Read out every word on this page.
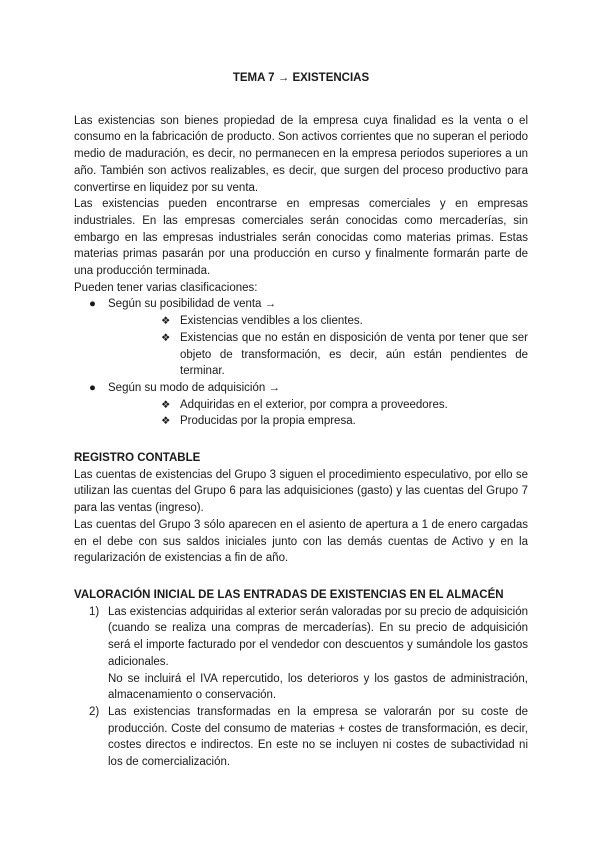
TEMA 7 → EXISTENCIAS

Las existencias son bienes propiedad de la empresa cuya finalidad es la venta o el consumo en la fabricación de producto. Son activos corrientes que no superan el periodo medio de maduración, es decir, no permanecen en la empresa periodos superiores a un año. También son activos realizables, es decir, que surgen del proceso productivo para convertirse en liquidez por su venta.

Las existencias pueden encontrarse en empresas comerciales y en empresas industriales. En las empresas comerciales serán conocidas como mercaderías, sin embargo en las empresas industriales serán conocidas como materias primas. Estas materias primas pasarán por una producción en curso y finalmente formarán parte de una producción terminada.

Pueden tener varias clasificaciones:

● Según su posibilidad de venta →
❖ Existencias vendibles a los clientes.
❖ Existencias que no están en disposición de venta por tener que ser objeto de transformación, es decir, aún están pendientes de terminar.
● Según su modo de adquisición →
❖ Adquiridas en el exterior, por compra a proveedores.
❖ Producidas por la propia empresa.

REGISTRO CONTABLE

Las cuentas de existencias del Grupo 3 siguen el procedimiento especulativo, por ello se utilizan las cuentas del Grupo 6 para las adquisiciones (gasto) y las cuentas del Grupo 7 para las ventas (ingreso).

Las cuentas del Grupo 3 sólo aparecen en el asiento de apertura a 1 de enero cargadas en el debe con sus saldos iniciales junto con las demás cuentas de Activo y en la regularización de existencias a fin de año.

VALORACIÓN INICIAL DE LAS ENTRADAS DE EXISTENCIAS EN EL ALMACÉN

1) Las existencias adquiridas al exterior serán valoradas por su precio de adquisición (cuando se realiza una compras de mercaderías). En su precio de adquisición será el importe facturado por el vendedor con descuentos y sumándole los gastos adicionales.

No se incluirá el IVA repercutido, los deterioros y los gastos de administración, almacenamiento o conservación.

2) Las existencias transformadas en la empresa se valorarán por su coste de producción. Coste del consumo de materias + costes de transformación, es decir, costes directos e indirectos. En este no se incluyen ni costes de subactividad ni los de comercialización.
